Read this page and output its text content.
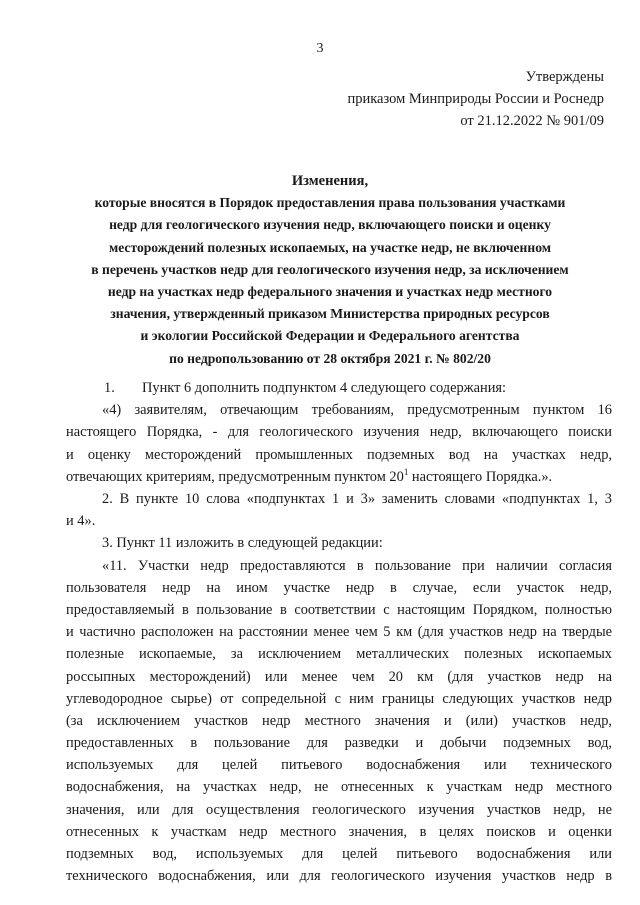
3
Утверждены
приказом Минприроды России и Роснедр
от 21.12.2022 № 901/09
Изменения,
которые вносятся в Порядок предоставления права пользования участками
недр для геологического изучения недр, включающего поиски и оценку
месторождений полезных ископаемых, на участке недр, не включенном
в перечень участков недр для геологического изучения недр, за исключением
недр на участках недр федерального значения и участках недр местного
значения, утвержденный приказом Министерства природных ресурсов
и экологии Российской Федерации и Федерального агентства
по недропользованию от 28 октября 2021 г. № 802/20
1. Пункт 6 дополнить подпунктом 4 следующего содержания:
«4) заявителям, отвечающим требованиям, предусмотренным пунктом 16
настоящего Порядка, - для геологического изучения недр, включающего поиски
и оценку месторождений промышленных подземных вод на участках недр,
отвечающих критериям, предусмотренным пунктом $20^1$ настоящего Порядка.».
2. В пункте 10 слова «подпунктах 1 и 3» заменить словами «подпунктах 1, 3
и 4».
3. Пункт 11 изложить в следующей редакции:
«11. Участки недр предоставляются в пользование при наличии согласия
пользователя недр на ином участке недр в случае, если участок недр,
предоставляемый в пользование в соответствии с настоящим Порядком, полностью
и частично расположен на расстоянии менее чем 5 км (для участков недр на твердые
полезные ископаемые, за исключением металлических полезных ископаемых
россыпных месторождений) или менее чем 20 км (для участков недр на
углеводородное сырье) от сопредельной с ним границы следующих участков недр
(за исключением участков недр местного значения и (или) участков недр,
предоставленных в пользование для разведки и добычи подземных вод,
используемых для целей питьевого водоснабжения или технического
водоснабжения, на участках недр, не отнесенных к участкам недр местного
значения, или для осуществления геологического изучения участков недр, не
отнесенных к участкам недр местного значения, в целях поисков и оценки
подземных вод, используемых для целей питьевого водоснабжения или
технического водоснабжения, или для геологического изучения участков недр в
